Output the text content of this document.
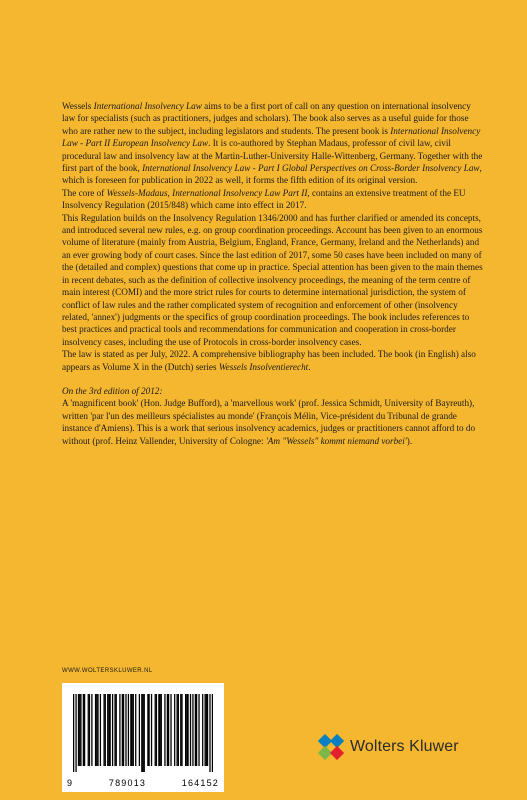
Wessels International Insolvency Law aims to be a first port of call on any question on international insolvency law for specialists (such as practitioners, judges and scholars). The book also serves as a useful guide for those who are rather new to the subject, including legislators and students. The present book is International Insolvency Law - Part II European Insolvency Law. It is co-authored by Stephan Madaus, professor of civil law, civil procedural law and insolvency law at the Martin-Luther-University Halle-Wittenberg, Germany. Together with the first part of the book, International Insolvency Law - Part I Global Perspectives on Cross-Border Insolvency Law, which is foreseen for publication in 2022 as well, it forms the fifth edition of its original version.

The core of Wessels-Madaus, International Insolvency Law Part II, contains an extensive treatment of the EU Insolvency Regulation (2015/848) which came into effect in 2017.

This Regulation builds on the Insolvency Regulation 1346/2000 and has further clarified or amended its concepts, and introduced several new rules, e.g. on group coordination proceedings. Account has been given to an enormous volume of literature (mainly from Austria, Belgium, England, France, Germany, Ireland and the Netherlands) and an ever growing body of court cases. Since the last edition of 2017, some 50 cases have been included on many of the (detailed and complex) questions that come up in practice. Special attention has been given to the main themes in recent debates, such as the definition of collective insolvency proceedings, the meaning of the term centre of main interest (COMI) and the more strict rules for courts to determine international jurisdiction, the system of conflict of law rules and the rather complicated system of recognition and enforcement of other (insolvency related, 'annex') judgments or the specifics of group coordination proceedings. The book includes references to best practices and practical tools and recommendations for communication and cooperation in cross-border insolvency cases, including the use of Protocols in cross-border insolvency cases.

The law is stated as per July, 2022. A comprehensive bibliography has been included. The book (in English) also appears as Volume X in the (Dutch) series Wessels Insolventierecht.

On the 3rd edition of 2012:

A 'magnificent book' (Hon. Judge Bufford), a 'marvellous work' (prof. Jessica Schmidt, University of Bayreuth), written 'par l'un des meilleurs spécialistes au monde' (François Mélin, Vice-président du Tribunal de grande instance d'Amiens). This is a work that serious insolvency academics, judges or practitioners cannot afford to do without (prof. Heinz Vallender, University of Cologne: 'Am "Wessels" kommt niemand vorbei').

WWW.WOLTERSKLUWER.NL
9	789013	164152
Wolters Kluwer
